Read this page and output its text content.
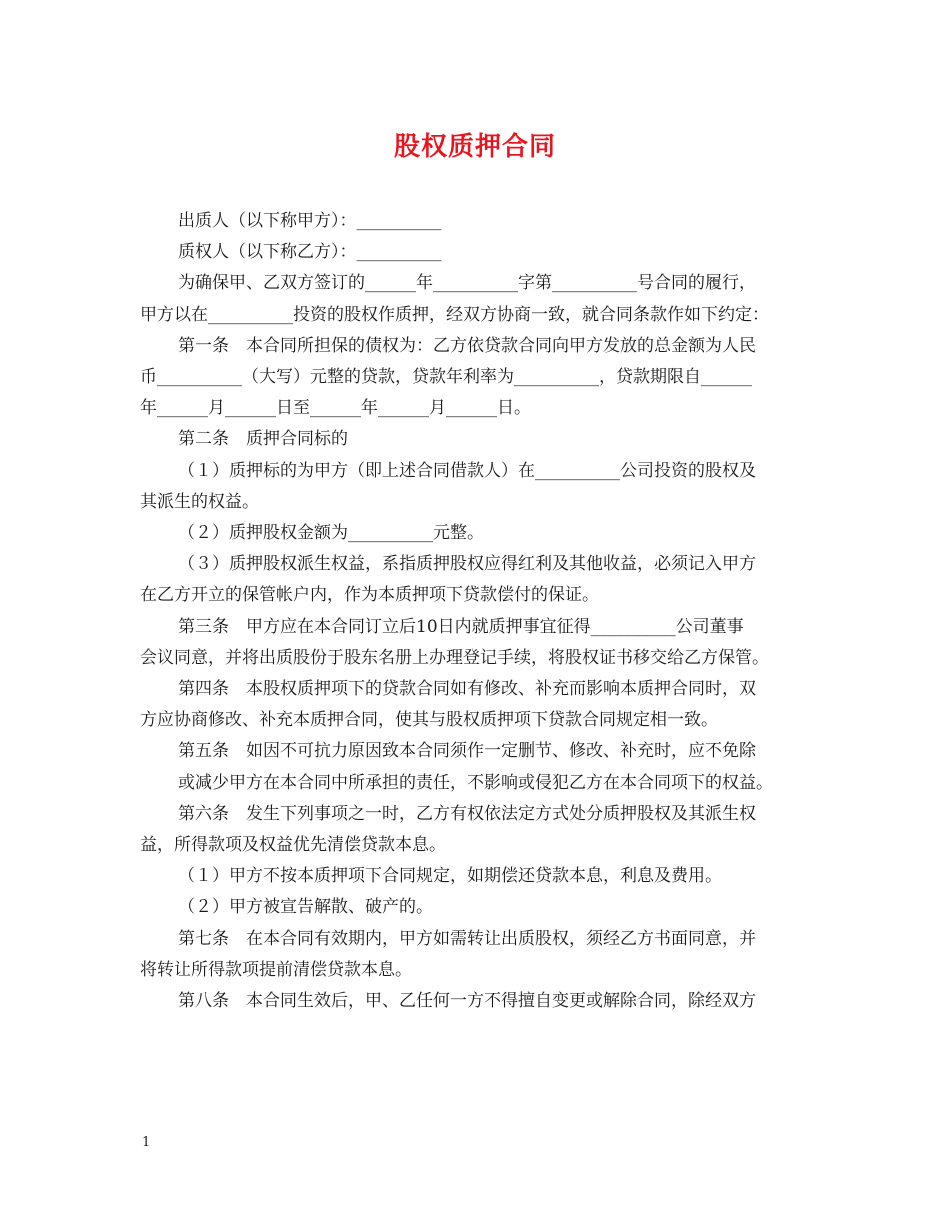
股权质押合同
出质人（以下称甲方）：__________
质权人（以下称乙方）：__________
为确保甲、乙双方签订的______年__________字第__________号合同的履行，
甲方以在__________投资的股权作质押，经双方协商一致，就合同条款作如下约定：
第一条　本合同所担保的债权为：乙方依贷款合同向甲方发放的总金额为人民
币__________（大写）元整的贷款，贷款年利率为__________，贷款期限自______
年______月______日至______年______月______日。
第二条　质押合同标的
（１）质押标的为甲方（即上述合同借款人）在__________公司投资的股权及
其派生的权益。
（２）质押股权金额为__________元整。
（３）质押股权派生权益，系指质押股权应得红利及其他收益，必须记入甲方
在乙方开立的保管帐户内，作为本质押项下贷款偿付的保证。
第三条　甲方应在本合同订立后10日内就质押事宜征得__________公司董事
会议同意，并将出质股份于股东名册上办理登记手续，将股权证书移交给乙方保管。
第四条　本股权质押项下的贷款合同如有修改、补充而影响本质押合同时，双
方应协商修改、补充本质押合同，使其与股权质押项下贷款合同规定相一致。
第五条　如因不可抗力原因致本合同须作一定删节、修改、补充时，应不免除
或减少甲方在本合同中所承担的责任，不影响或侵犯乙方在本合同项下的权益。
第六条　发生下列事项之一时，乙方有权依法定方式处分质押股权及其派生权
益，所得款项及权益优先清偿贷款本息。
（１）甲方不按本质押项下合同规定，如期偿还贷款本息，利息及费用。
（２）甲方被宣告解散、破产的。
第七条　在本合同有效期内，甲方如需转让出质股权，须经乙方书面同意，并
将转让所得款项提前清偿贷款本息。
第八条　本合同生效后，甲、乙任何一方不得擅自变更或解除合同，除经双方
1
